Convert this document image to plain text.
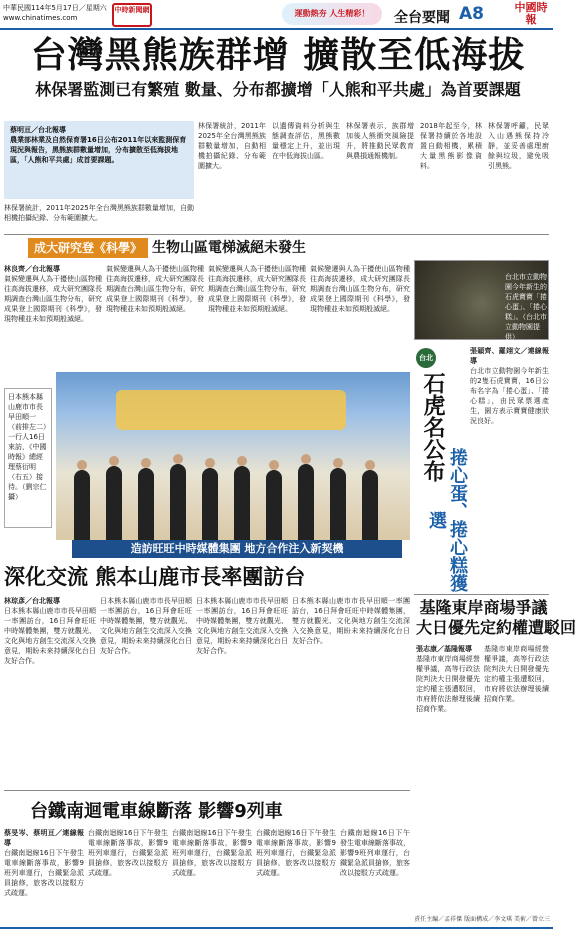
中華民國114年5月17日／星期六
www.chinatimes.com
中時新聞網	運動熱夯 人生精彩！	全台要聞 A8	中國時報
台灣黑熊族群增 擴散至低海拔
林保署監測已有繁殖 數量、分布都擴增「人熊和平共處」為首要課題
蔡明亘／台北報導
農業部林業及自然保育署16日公布2011年以來監測保育現況與報告，黑熊族群數量增加，分布擴散至低海拔地區，「人熊和平共處」成首要課題。
林保署統計，2011年2025年全台灣黑熊族群數量增加，自動相機拍攝紀錄、分布範圍擴大。
以遺傳資料分析與生態調查評估，黑熊數量穩定上升，並出現在中低海拔山區。
林保署表示，族群增加後人熊衝突風險提升，將推動民眾教育與農損通報機制。
2018年起至今，林保署持續於各地設置自動相機，累積大量黑熊影像資料。
林保署呼籲，民眾入山遇熊保持冷靜，並妥善處理廚餘與垃圾，避免吸引黑熊。
林保署統計，2011年2025年全台灣黑熊族群數量增加，自動相機拍攝紀錄、分布範圍擴大。
成大研究登《科學》 生物山區電梯滅絕未發生
林良齊／台北報導
氣候變遷與人為干擾使山區物種往高海拔遷移，成大研究團隊長期調查台灣山區生物分布，研究成果登上國際期刊《科學》，發現物種並未如預期般滅絕。
氣候變遷與人為干擾使山區物種往高海拔遷移，成大研究團隊長期調查台灣山區生物分布，研究成果登上國際期刊《科學》，發現物種並未如預期般滅絕。
氣候變遷與人為干擾使山區物種往高海拔遷移，成大研究團隊長期調查台灣山區生物分布，研究成果登上國際期刊《科學》，發現物種並未如預期般滅絕。
氣候變遷與人為干擾使山區物種往高海拔遷移，成大研究團隊長期調查台灣山區生物分布，研究成果登上國際期刊《科學》，發現物種並未如預期般滅絕。
日本熊本縣山鹿市市長早田順一（前排左二）一行人16日來訪，《中國時報》總經理蔡衍明（右五）接待。（劉宗仁攝）
造訪旺旺中時媒體集團 地方合作注入新契機
深化交流 熊本山鹿市長率團訪台
林琮彥／台北報導
日本熊本縣山鹿市市長早田順一率團訪台，16日拜會旺旺中時媒體集團，雙方就觀光、文化與地方創生交流深入交換意見，期盼未來持續深化台日友好合作。
日本熊本縣山鹿市市長早田順一率團訪台，16日拜會旺旺中時媒體集團，雙方就觀光、文化與地方創生交流深入交換意見，期盼未來持續深化台日友好合作。
日本熊本縣山鹿市市長早田順一率團訪台，16日拜會旺旺中時媒體集團，雙方就觀光、文化與地方創生交流深入交換意見，期盼未來持續深化台日友好合作。
日本熊本縣山鹿市市長早田順一率團訪台，16日拜會旺旺中時媒體集團，雙方就觀光、文化與地方創生交流深入交換意見，期盼未來持續深化台日友好合作。
台北市立動物園今年新生的石虎寶寶「捲心蛋」、「捲心糕」。（台北市立動物園提供）
台北
石虎名公布
捲心蛋、捲心糕獲選
張穎齊、羅翊文／連線報導
台北市立動物園今年新生的2隻石虎寶寶，16日公布名字為「捲心蛋」、「捲心糕」，由民眾票選產生，園方表示寶寶健康狀況良好。
基隆東岸商場爭議
大日優先定約權遭駁回
張志康／基隆報導
基隆市東岸商場經營權爭議，高等行政法院判決大日開發優先定約權主張遭駁回，市府將依法辦理後續招商作業。
基隆市東岸商場經營權爭議，高等行政法院判決大日開發優先定約權主張遭駁回，市府將依法辦理後續招商作業。
台鐵南迴電車線斷落 影響9列車
蔡旻岑、蔡明亘／連線報導
台鐵南迴線16日下午發生電車線斷落事故，影響9班列車運行，台鐵緊急派員搶修，旅客改以接駁方式疏運。
台鐵南迴線16日下午發生電車線斷落事故，影響9班列車運行，台鐵緊急派員搶修，旅客改以接駁方式疏運。
台鐵南迴線16日下午發生電車線斷落事故，影響9班列車運行，台鐵緊急派員搶修，旅客改以接駁方式疏運。
台鐵南迴線16日下午發生電車線斷落事故，影響9班列車運行，台鐵緊急派員搶修，旅客改以接駁方式疏運。
台鐵南迴線16日下午發生電車線斷落事故，影響9班列車運行，台鐵緊急派員搶修，旅客改以接駁方式疏運。
責任主編／孟祥傑 版面構成／李文琪 美術／曾立三
